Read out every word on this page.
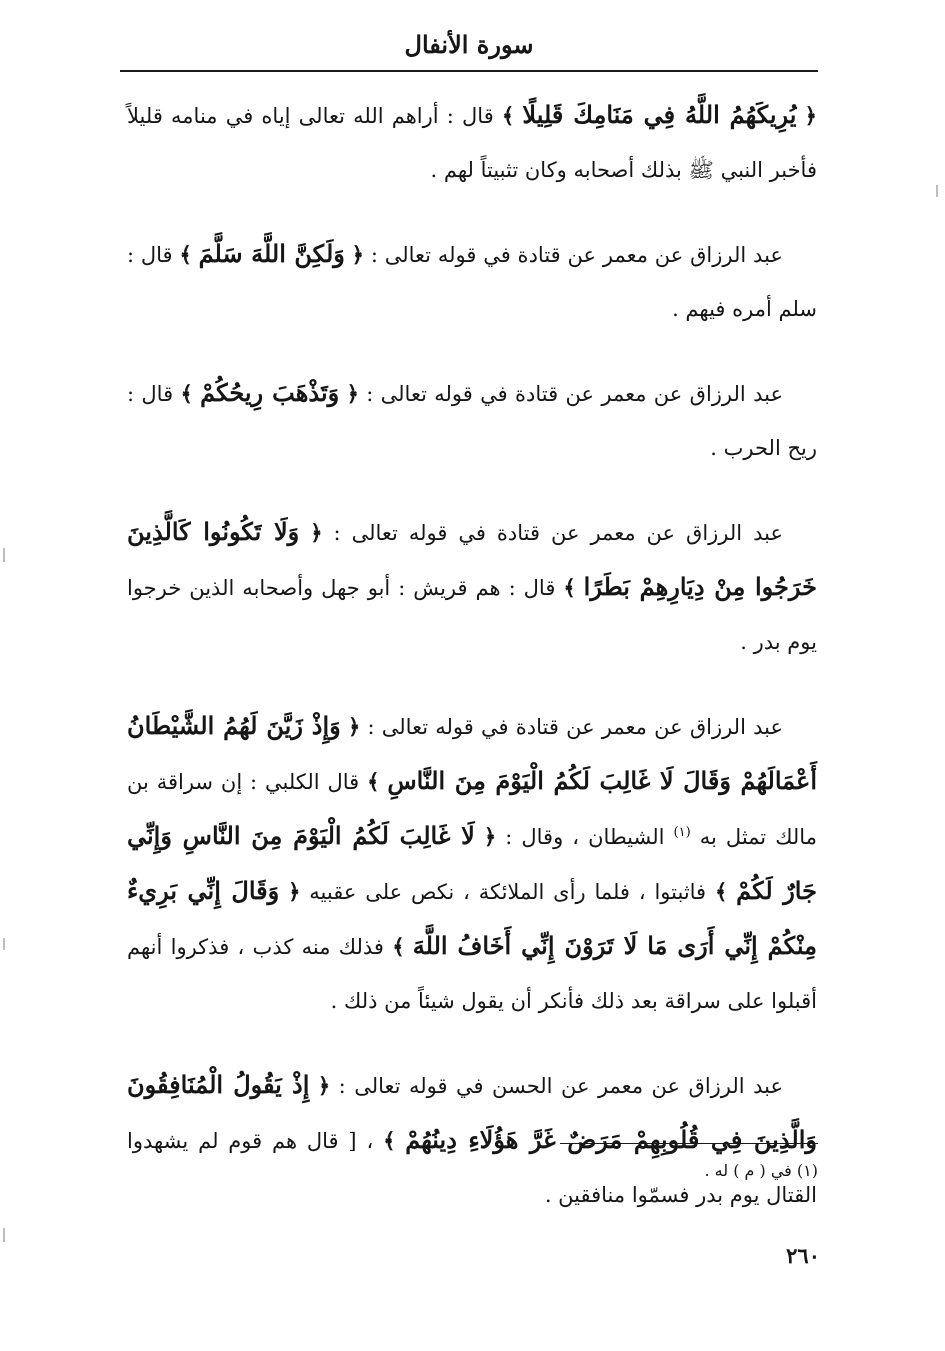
سورة الأنفال

﴿ يُرِيكَهُمُ اللَّهُ فِي مَنَامِكَ قَلِيلًا ﴾ قال : أراهم الله تعالى إياه في منامه قليلاً فأخبر النبي ﷺ بذلك أصحابه وكان تثبيتاً لهم .

عبد الرزاق عن معمر عن قتادة في قوله تعالى : ﴿ وَلَكِنَّ اللَّهَ سَلَّمَ ﴾ قال : سلم أمره فيهم .

عبد الرزاق عن معمر عن قتادة في قوله تعالى : ﴿ وَتَذْهَبَ رِيحُكُمْ ﴾ قال : ريح الحرب .

عبد الرزاق عن معمر عن قتادة في قوله تعالى : ﴿ وَلَا تَكُونُوا كَالَّذِينَ خَرَجُوا مِنْ دِيَارِهِمْ بَطَرًا ﴾ قال : هم قريش : أبو جهل وأصحابه الذين خرجوا يوم بدر .

عبد الرزاق عن معمر عن قتادة في قوله تعالى : ﴿ وَإِذْ زَيَّنَ لَهُمُ الشَّيْطَانُ أَعْمَالَهُمْ وَقَالَ لَا غَالِبَ لَكُمُ الْيَوْمَ مِنَ النَّاسِ ﴾ قال الكلبي : إن سراقة بن مالك تمثل به $^{(١)}$ الشيطان ، وقال : ﴿ لَا غَالِبَ لَكُمُ الْيَوْمَ مِنَ النَّاسِ وَإِنِّي جَارٌ لَكُمْ ﴾ فاثبتوا ، فلما رأى الملائكة ، نكص على عقبيه ﴿ وَقَالَ إِنِّي بَرِيءٌ مِنْكُمْ إِنِّي أَرَى مَا لَا تَرَوْنَ إِنِّي أَخَافُ اللَّهَ ﴾ فذلك منه كذب ، فذكروا أنهم أقبلوا على سراقة بعد ذلك فأنكر أن يقول شيئاً من ذلك .

عبد الرزاق عن معمر عن الحسن في قوله تعالى : ﴿ إِذْ يَقُولُ الْمُنَافِقُونَ وَالَّذِينَ فِي قُلُوبِهِمْ مَرَضٌ غَرَّ هَؤُلَاءِ دِينُهُمْ ﴾ ، [ قال هم قوم لم يشهدوا القتال يوم بدر فسمّوا منافقين .

(١) في ( م ) له .
٢٦٠
